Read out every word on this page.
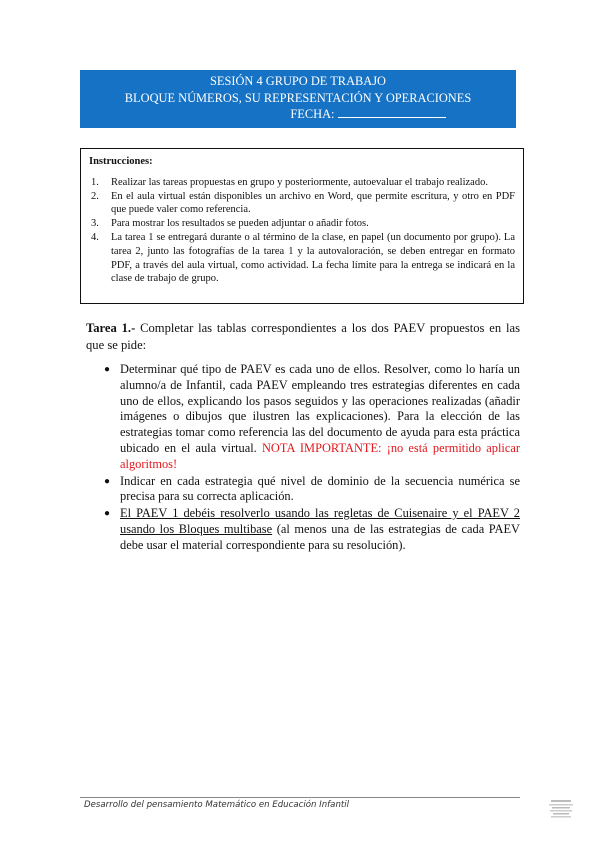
SESIÓN 4 GRUPO DE TRABAJO
BLOQUE NÚMEROS, SU REPRESENTACIÓN Y OPERACIONES
FECHA:
Instrucciones:
1. Realizar las tareas propuestas en grupo y posteriormente, autoevaluar el trabajo realizado.
2. En el aula virtual están disponibles un archivo en Word, que permite escritura, y otro en PDF que puede valer como referencia.
3. Para mostrar los resultados se pueden adjuntar o añadir fotos.
4. La tarea 1 se entregará durante o al término de la clase, en papel (un documento por grupo). La tarea 2, junto las fotografías de la tarea 1 y la autovaloración, se deben entregar en formato PDF, a través del aula virtual, como actividad. La fecha límite para la entrega se indicará en la clase de trabajo de grupo.
Tarea 1.- Completar las tablas correspondientes a los dos PAEV propuestos en las que se pide:
● Determinar qué tipo de PAEV es cada uno de ellos. Resolver, como lo haría un alumno/a de Infantil, cada PAEV empleando tres estrategias diferentes en cada uno de ellos, explicando los pasos seguidos y las operaciones realizadas (añadir imágenes o dibujos que ilustren las explicaciones). Para la elección de las estrategias tomar como referencia las del documento de ayuda para esta práctica ubicado en el aula virtual. NOTA IMPORTANTE: ¡no está permitido aplicar algoritmos!
● Indicar en cada estrategia qué nivel de dominio de la secuencia numérica se precisa para su correcta aplicación.
● El PAEV 1 debéis resolverlo usando las regletas de Cuisenaire y el PAEV 2 usando los Bloques multibase (al menos una de las estrategias de cada PAEV debe usar el material correspondiente para su resolución).
Desarrollo del pensamiento Matemático en Educación Infantil
